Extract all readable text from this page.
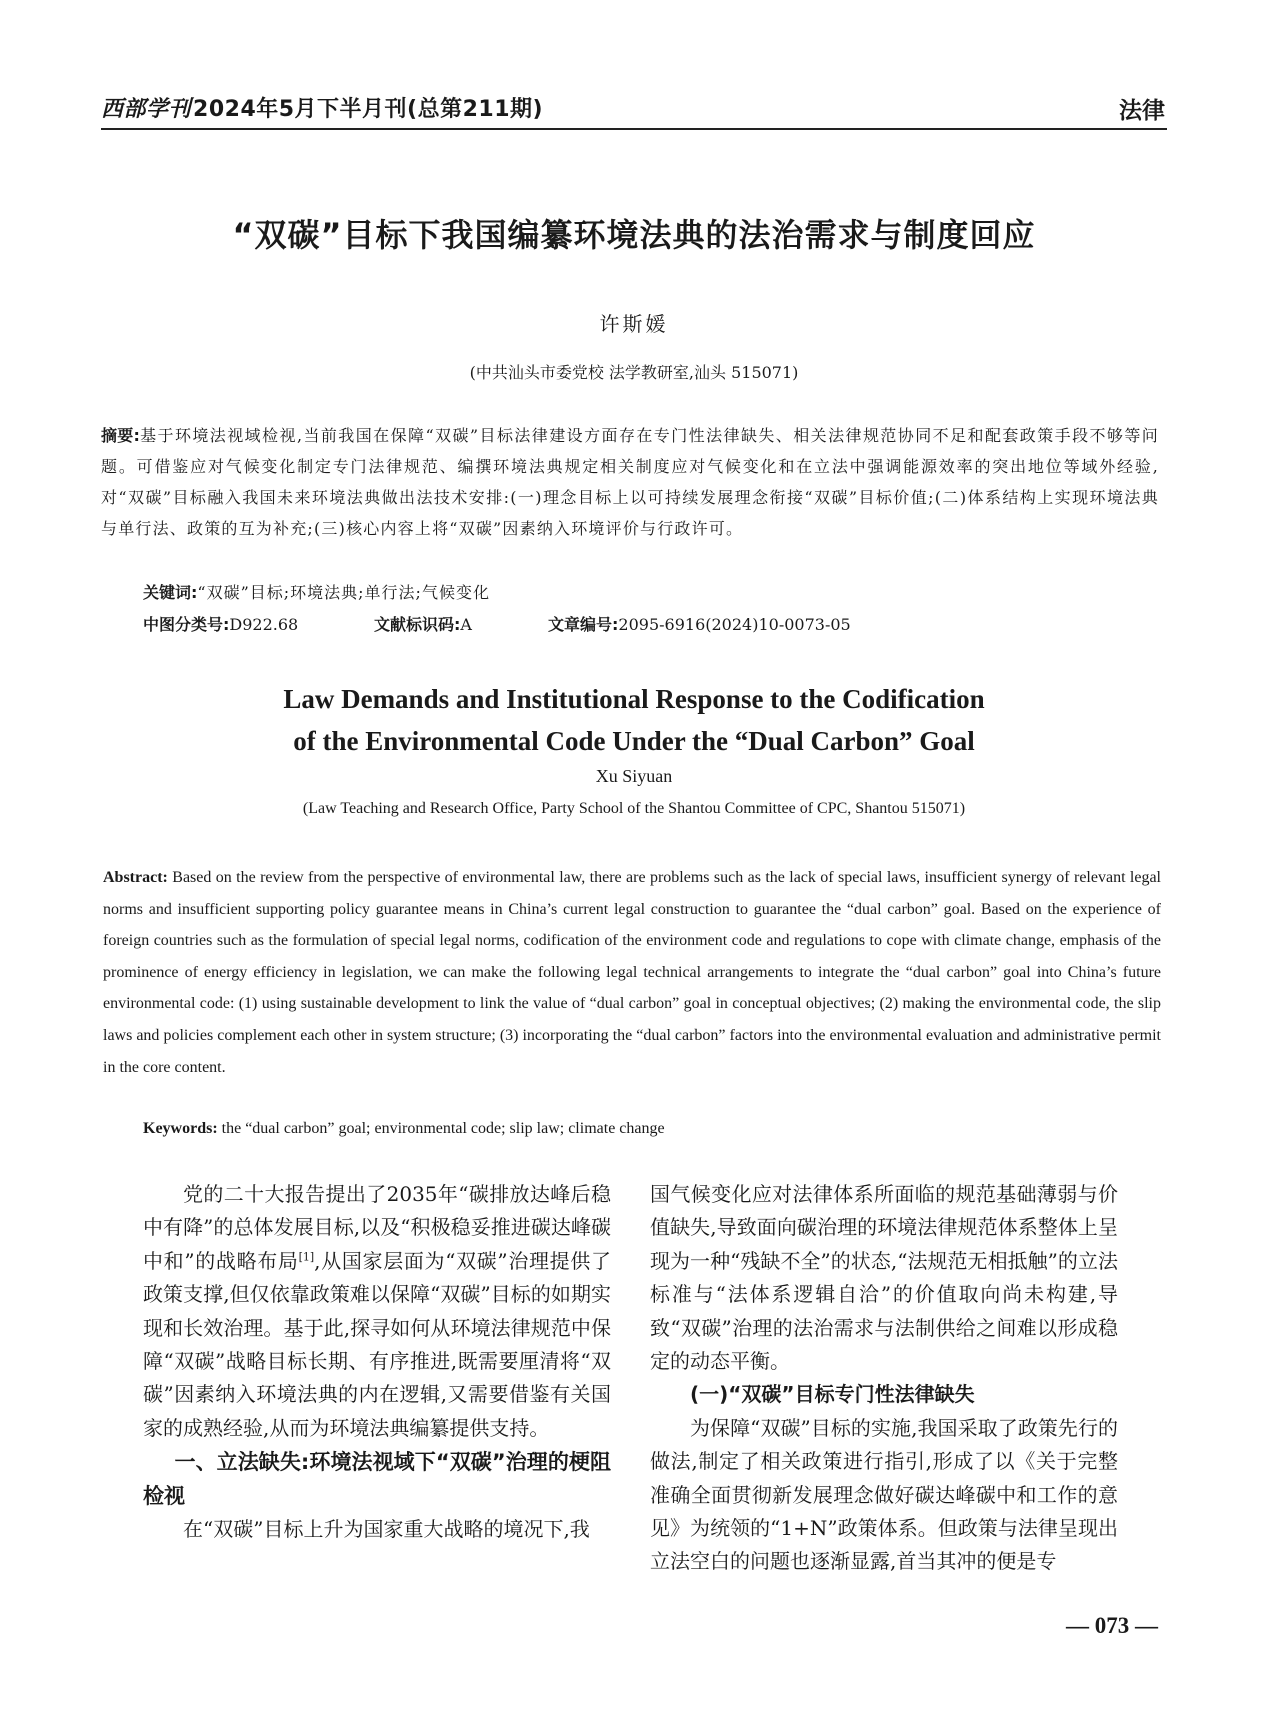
西部学刊2024年5月下半月刊(总第211期)	法律
“双碳”目标下我国编纂环境法典的法治需求与制度回应
许斯媛
(中共汕头市委党校 法学教研室,汕头 515071)
摘要:基于环境法视域检视,当前我国在保障“双碳”目标法律建设方面存在专门性法律缺失、相关法律规范协同不足和配套政策手段不够等问题。可借鉴应对气候变化制定专门法律规范、编撰环境法典规定相关制度应对气候变化和在立法中强调能源效率的突出地位等域外经验,对“双碳”目标融入我国未来环境法典做出法技术安排:(一)理念目标上以可持续发展理念衔接“双碳”目标价值;(二)体系结构上实现环境法典与单行法、政策的互为补充;(三)核心内容上将“双碳”因素纳入环境评价与行政许可。
关键词:“双碳”目标;环境法典;单行法;气候变化
中图分类号:D922.68	文献标识码:A	文章编号:2095-6916(2024)10-0073-05
Law Demands and Institutional Response to the Codification
of the Environmental Code Under the “Dual Carbon” Goal
Xu Siyuan
(Law Teaching and Research Office, Party School of the Shantou Committee of CPC, Shantou 515071)
Abstract: Based on the review from the perspective of environmental law, there are problems such as the lack of special laws, insufficient synergy of relevant legal norms and insufficient supporting policy guarantee means in China’s current legal construction to guarantee the “dual carbon” goal. Based on the experience of foreign countries such as the formulation of special legal norms, codification of the environment code and regulations to cope with climate change, emphasis of the prominence of energy efficiency in legislation, we can make the following legal technical arrangements to integrate the “dual carbon” goal into China’s future environmental code: (1) using sustainable development to link the value of “dual carbon” goal in conceptual objectives; (2) making the environmental code, the slip laws and policies complement each other in system structure; (3) incorporating the “dual carbon” factors into the environmental evaluation and administrative permit in the core content.
Keywords: the “dual carbon” goal; environmental code; slip law; climate change

党的二十大报告提出了2035年“碳排放达峰后稳中有降”的总体发展目标,以及“积极稳妥推进碳达峰碳中和”的战略布局[1],从国家层面为“双碳”治理提供了政策支撑,但仅依靠政策难以保障“双碳”目标的如期实现和长效治理。基于此,探寻如何从环境法律规范中保障“双碳”战略目标长期、有序推进,既需要厘清将“双碳”因素纳入环境法典的内在逻辑,又需要借鉴有关国家的成熟经验,从而为环境法典编纂提供支持。

一、立法缺失:环境法视域下“双碳”治理的梗阻检视

在“双碳”目标上升为国家重大战略的境况下,我

国气候变化应对法律体系所面临的规范基础薄弱与价值缺失,导致面向碳治理的环境法律规范体系整体上呈现为一种“残缺不全”的状态,“法规范无相抵触”的立法标准与“法体系逻辑自洽”的价值取向尚未构建,导致“双碳”治理的法治需求与法制供给之间难以形成稳定的动态平衡。

(一)“双碳”目标专门性法律缺失

为保障“双碳”目标的实施,我国采取了政策先行的做法,制定了相关政策进行指引,形成了以《关于完整准确全面贯彻新发展理念做好碳达峰碳中和工作的意见》为统领的“1+N”政策体系。但政策与法律呈现出立法空白的问题也逐渐显露,首当其冲的便是专

— 073 —
